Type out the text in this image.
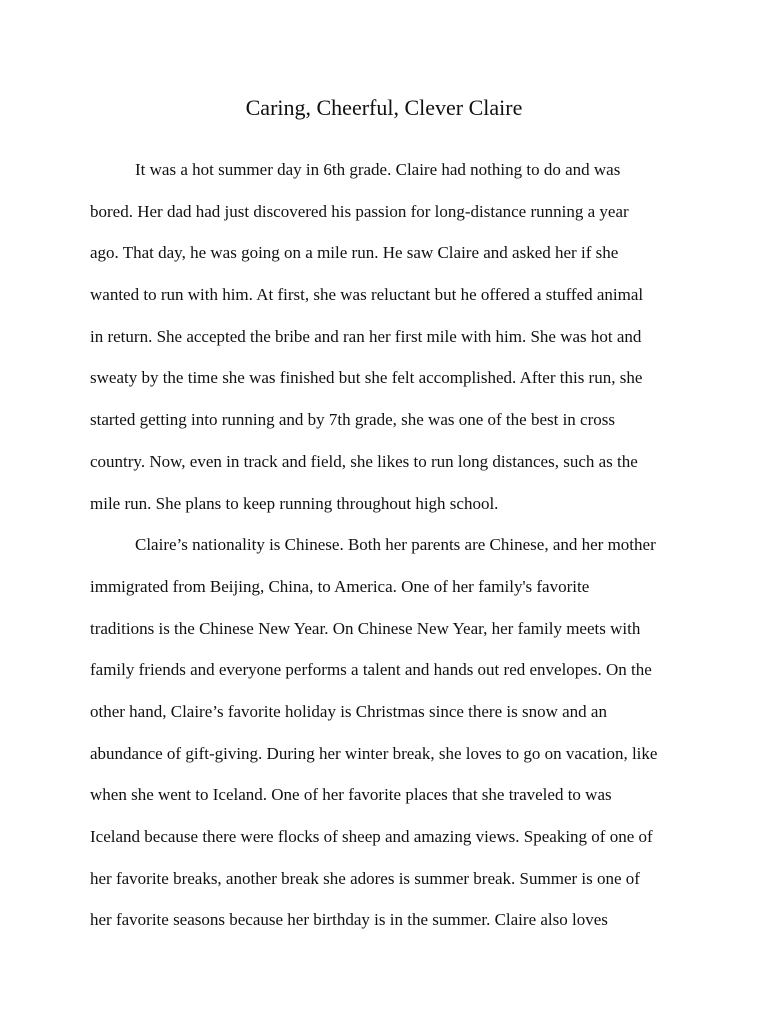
Caring, Cheerful, Clever Claire
It was a hot summer day in 6th grade. Claire had nothing to do and was
bored. Her dad had just discovered his passion for long-distance running a year
ago. That day, he was going on a mile run. He saw Claire and asked her if she
wanted to run with him. At first, she was reluctant but he offered a stuffed animal
in return. She accepted the bribe and ran her first mile with him. She was hot and
sweaty by the time she was finished but she felt accomplished. After this run, she
started getting into running and by 7th grade, she was one of the best in cross
country. Now, even in track and field, she likes to run long distances, such as the
mile run. She plans to keep running throughout high school.
Claire’s nationality is Chinese. Both her parents are Chinese, and her mother
immigrated from Beijing, China, to America. One of her family's favorite
traditions is the Chinese New Year. On Chinese New Year, her family meets with
family friends and everyone performs a talent and hands out red envelopes. On the
other hand, Claire’s favorite holiday is Christmas since there is snow and an
abundance of gift-giving. During her winter break, she loves to go on vacation, like
when she went to Iceland. One of her favorite places that she traveled to was
Iceland because there were flocks of sheep and amazing views. Speaking of one of
her favorite breaks, another break she adores is summer break. Summer is one of
her favorite seasons because her birthday is in the summer. Claire also loves
